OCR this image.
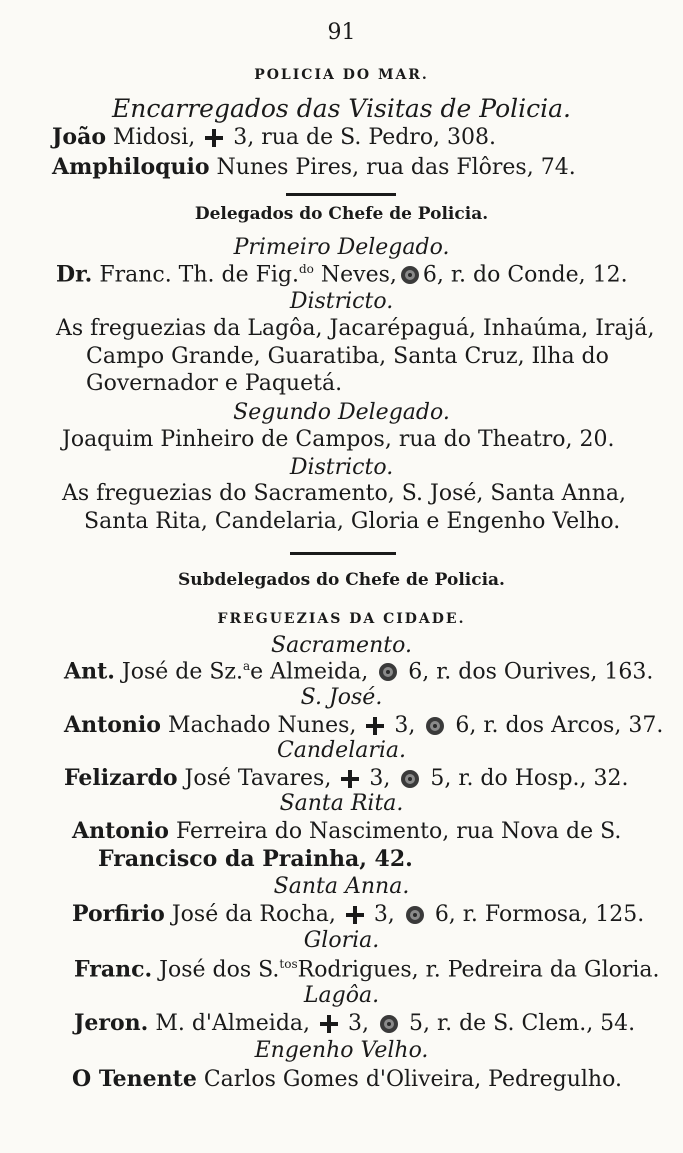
91
POLICIA DO MAR.
Encarregados das Visitas de Policia.
João Midosi, 3, rua de S. Pedro, 308.
Amphiloquio Nunes Pires, rua das Flôres, 74.
Delegados do Chefe de Policia.
Primeiro Delegado.
Dr. Franc. Th. de Fig.$^{do}$ Neves, 6, r. do Conde, 12.
Districto.
As freguezias da Lagôa, Jacarépaguá, Inhaúma, Irajá,
Campo Grande, Guaratiba, Santa Cruz, Ilha do
Governador e Paquetá.
Segundo Delegado.
Joaquim Pinheiro de Campos, rua do Theatro, 20.
Districto.
As freguezias do Sacramento, S. José, Santa Anna,
Santa Rita, Candelaria, Gloria e Engenho Velho.
Subdelegados do Chefe de Policia.
FREGUEZIAS DA CIDADE.
Sacramento.
Ant. José de Sz.$^a$e Almeida, 6, r. dos Ourives, 163.
S. José.
Antonio Machado Nunes, 3, 6, r. dos Arcos, 37.
Candelaria.
Felizardo José Tavares, 3, 5, r. do Hosp., 32.
Santa Rita.
Antonio Ferreira do Nascimento, rua Nova de S.
Francisco da Prainha, 42.
Santa Anna.
Porfirio José da Rocha, 3, 6, r. Formosa, 125.
Gloria.
Franc. José dos S.$^{tos}$Rodrigues, r. Pedreira da Gloria.
Lagôa.
Jeron. M. d'Almeida, 3, 5, r. de S. Clem., 54.
Engenho Velho.
O Tenente Carlos Gomes d'Oliveira, Pedregulho.
